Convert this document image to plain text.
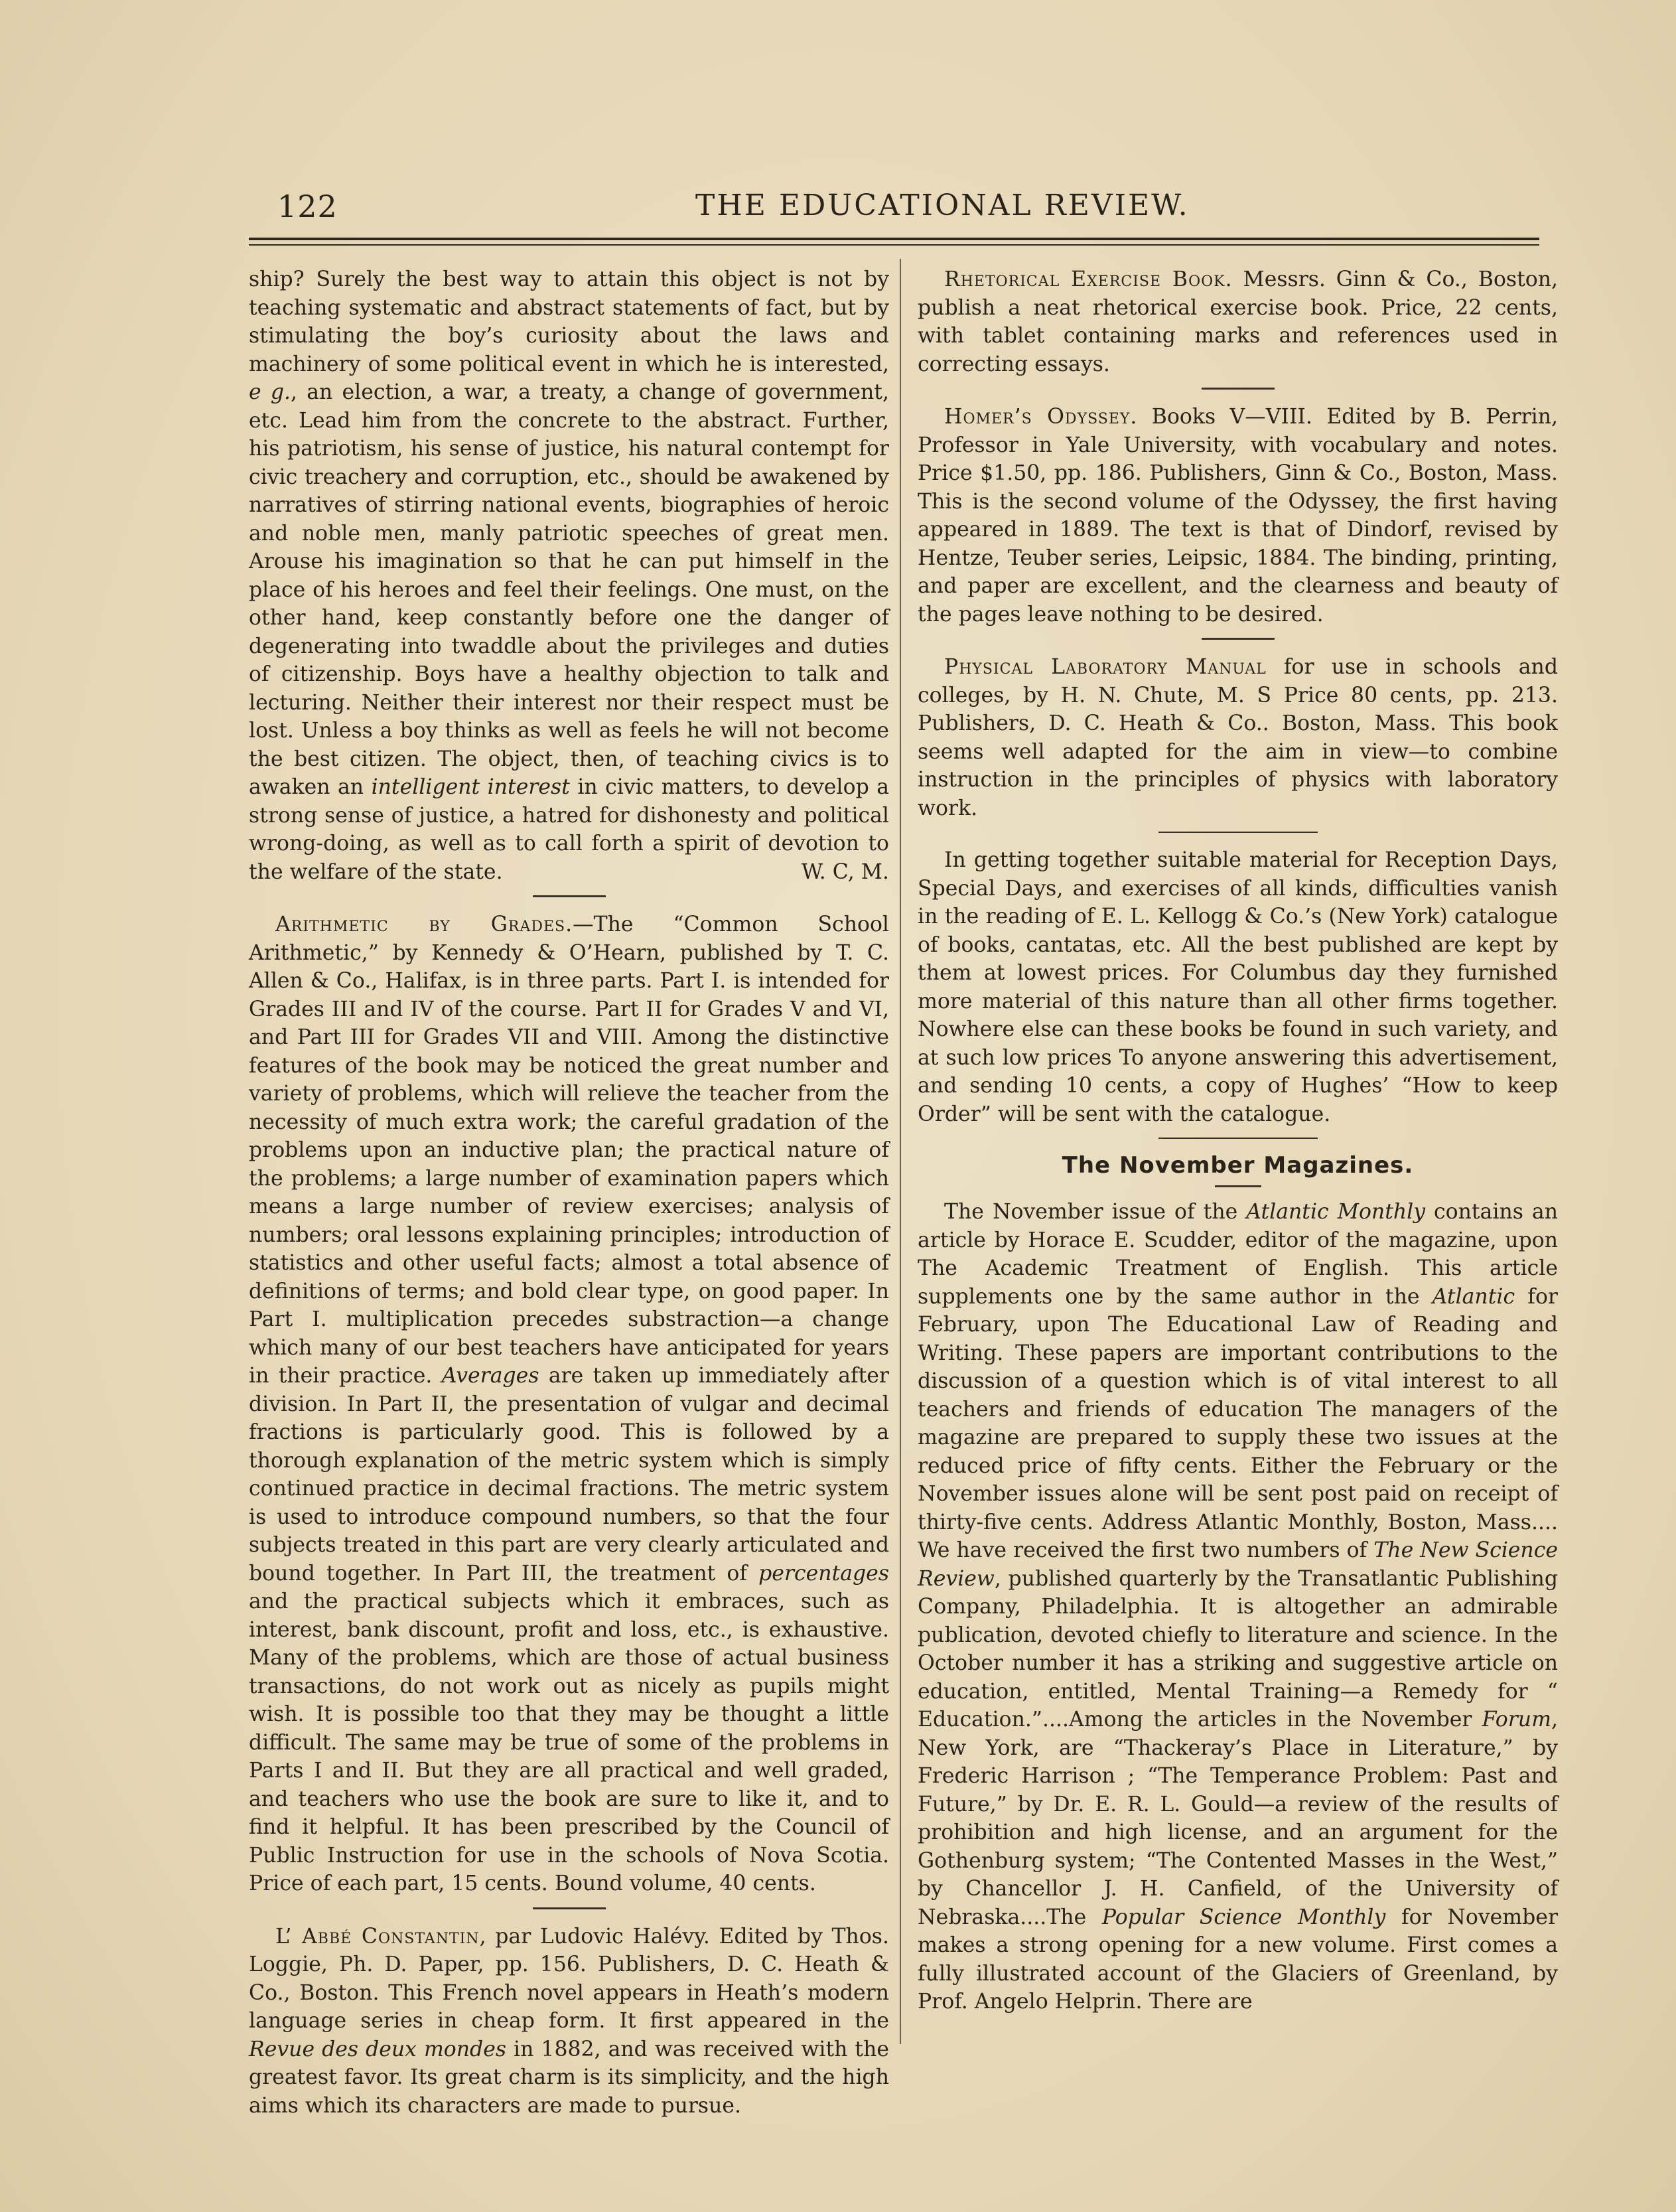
122	THE EDUCATIONAL REVIEW.

ship? Surely the best way to attain this object is not by teaching systematic and abstract statements of fact, but by stimulating the boy’s curiosity about the laws and machinery of some political event in which he is interested, e g., an election, a war, a treaty, a change of government, etc. Lead him from the concrete to the abstract. Further, his patriotism, his sense of justice, his natural contempt for civic treachery and corruption, etc., should be awakened by narratives of stirring national events, biographies of heroic and noble men, manly patriotic speeches of great men. Arouse his imagination so that he can put himself in the place of his heroes and feel their feelings. One must, on the other hand, keep constantly before one the danger of degenerating into twaddle about the privileges and duties of citizenship. Boys have a healthy objection to talk and lecturing. Neither their interest nor their respect must be lost. Unless a boy thinks as well as feels he will not become the best citizen. The object, then, of teaching civics is to awaken an intelligent interest in civic matters, to develop a strong sense of justice, a hatred for dishonesty and political wrong-doing, as well as to call forth a spirit of devotion to the welfare of the state.	W. C, M.

Arithmetic by Grades.—The “Common School Arithmetic,” by Kennedy & O’Hearn, published by T. C. Allen & Co., Halifax, is in three parts. Part I. is intended for Grades III and IV of the course. Part II for Grades V and VI, and Part III for Grades VII and VIII. Among the distinctive features of the book may be noticed the great number and variety of problems, which will relieve the teacher from the necessity of much extra work; the careful gradation of the problems upon an inductive plan; the practical nature of the problems; a large number of examination papers which means a large number of review exercises; analysis of numbers; oral lessons explaining principles; introduction of statistics and other useful facts; almost a total absence of definitions of terms; and bold clear type, on good paper. In Part I. multiplication precedes substraction—a change which many of our best teachers have anticipated for years in their practice. Averages are taken up immediately after division. In Part II, the presentation of vulgar and decimal fractions is particularly good. This is followed by a thorough explanation of the metric system which is simply continued practice in decimal fractions. The metric system is used to introduce compound numbers, so that the four subjects treated in this part are very clearly articulated and bound together. In Part III, the treatment of percentages and the practical subjects which it embraces, such as interest, bank discount, profit and loss, etc., is exhaustive. Many of the problems, which are those of actual business transactions, do not work out as nicely as pupils might wish. It is possible too that they may be thought a little difficult. The same may be true of some of the problems in Parts I and II. But they are all practical and well graded, and teachers who use the book are sure to like it, and to find it helpful. It has been prescribed by the Council of Public Instruction for use in the schools of Nova Scotia. Price of each part, 15 cents. Bound volume, 40 cents.

L’ Abbé Constantin, par Ludovic Halévy. Edited by Thos. Loggie, Ph. D. Paper, pp. 156. Publishers, D. C. Heath & Co., Boston. This French novel appears in Heath’s modern language series in cheap form. It first appeared in the Revue des deux mondes in 1882, and was received with the greatest favor. Its great charm is its simplicity, and the high aims which its characters are made to pursue.

Rhetorical Exercise Book. Messrs. Ginn & Co., Boston, publish a neat rhetorical exercise book. Price, 22 cents, with tablet containing marks and references used in correcting essays.

Homer’s Odyssey. Books V—VIII. Edited by B. Perrin, Professor in Yale University, with vocabulary and notes. Price $1.50, pp. 186. Publishers, Ginn & Co., Boston, Mass. This is the second volume of the Odyssey, the first having appeared in 1889. The text is that of Dindorf, revised by Hentze, Teuber series, Leipsic, 1884. The binding, printing, and paper are excellent, and the clearness and beauty of the pages leave nothing to be desired.

Physical Laboratory Manual for use in schools and colleges, by H. N. Chute, M. S Price 80 cents, pp. 213. Publishers, D. C. Heath & Co.. Boston, Mass. This book seems well adapted for the aim in view—to combine instruction in the principles of physics with laboratory work.

In getting together suitable material for Reception Days, Special Days, and exercises of all kinds, difficulties vanish in the reading of E. L. Kellogg & Co.’s (New York) catalogue of books, cantatas, etc. All the best published are kept by them at lowest prices. For Columbus day they furnished more material of this nature than all other firms together. Nowhere else can these books be found in such variety, and at such low prices To anyone answering this advertisement, and sending 10 cents, a copy of Hughes’ “How to keep Order” will be sent with the catalogue.

The November Magazines.

The November issue of the Atlantic Monthly contains an article by Horace E. Scudder, editor of the magazine, upon The Academic Treatment of English. This article supplements one by the same author in the Atlantic for February, upon The Educational Law of Reading and Writing. These papers are important contributions to the discussion of a question which is of vital interest to all teachers and friends of education The managers of the magazine are prepared to supply these two issues at the reduced price of fifty cents. Either the February or the November issues alone will be sent post paid on receipt of thirty-five cents. Address Atlantic Monthly, Boston, Mass.... We have received the first two numbers of The New Science Review, published quarterly by the Transatlantic Publishing Company, Philadelphia. It is altogether an admirable publication, devoted chiefly to literature and science. In the October number it has a striking and suggestive article on education, entitled, Mental Training—a Remedy for “ Education.”....Among the articles in the November Forum, New York, are “Thackeray’s Place in Literature,” by Frederic Harrison ; “The Temperance Problem: Past and Future,” by Dr. E. R. L. Gould—a review of the results of prohibition and high license, and an argument for the Gothenburg system; “The Contented Masses in the West,” by Chancellor J. H. Canfield, of the University of Nebraska....The Popular Science Monthly for November makes a strong opening for a new volume. First comes a fully illustrated account of the Glaciers of Greenland, by Prof. Angelo Helprin. There are
